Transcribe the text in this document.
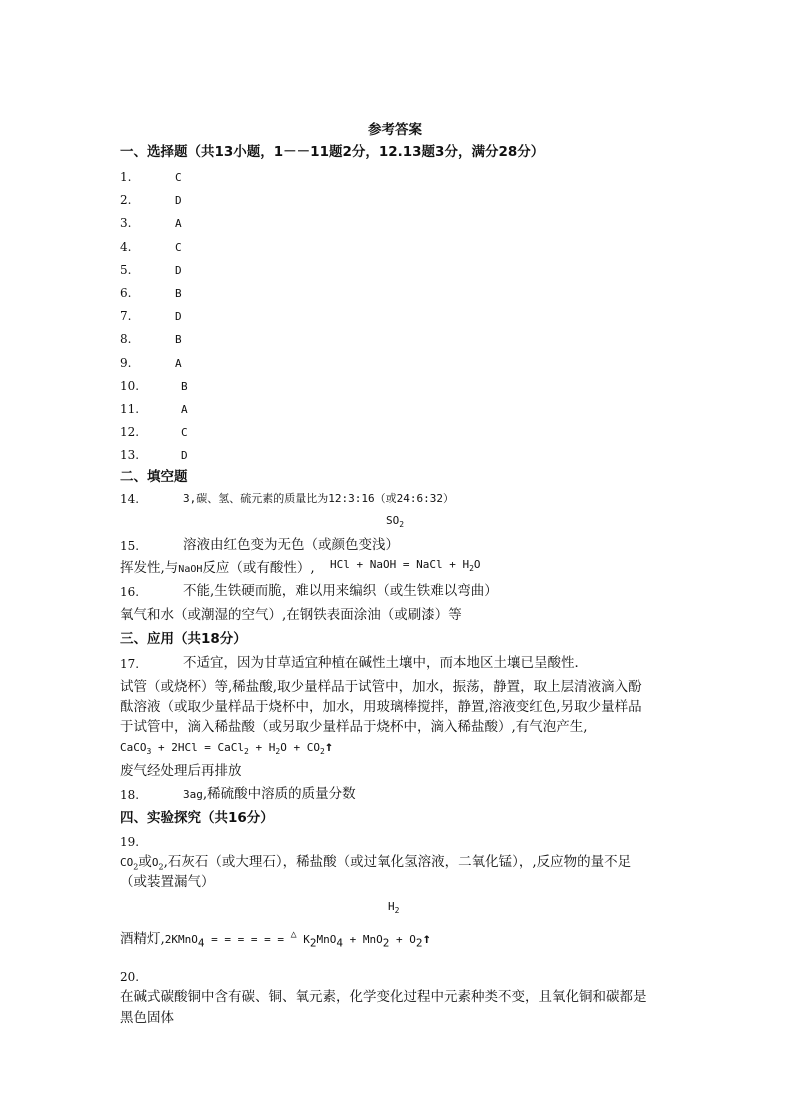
参考答案
一、选择题（共13小题，1－－11题2分，12.13题3分，满分28分）
1.	C
2.	D
3.	A
4.	C
5.	D
6.	B
7.	D
8.	B
9.	A
10.	B
11.	A
12.	C
13.	D
二、填空题
14.	3,碳、氢、硫元素的质量比为12:3:16（或24:6:32）
$SO_2$
15.	溶液由红色变为无色（或颜色变浅）
挥发性,与NaOH反应（或有酸性）, HCl + NaOH = NaCl + $H_2O$
16.	不能,生铁硬而脆，难以用来编织（或生铁难以弯曲）
氧气和水（或潮湿的空气）,在钢铁表面涂油（或刷漆）等
三、应用（共18分）
17.	不适宜，因为甘草适宜种植在碱性土壤中，而本地区土壤已呈酸性．
试管（或烧杯）等,稀盐酸,取少量样品于试管中，加水，振荡，静置，取上层清液滴入酚
酞溶液（或取少量样品于烧杯中，加水，用玻璃棒搅拌，静置,溶液变红色,另取少量样品
于试管中，滴入稀盐酸（或另取少量样品于烧杯中，滴入稀盐酸）,有气泡产生,
CaCO$_3$ + 2HCl = CaCl$_2$ + $H_2O$ + $CO_2↑$
废气经处理后再排放
18.	3ag,稀硫酸中溶质的质量分数
四、实验探究（共16分）
19.
$CO_2$或$O_2$,石灰石（或大理石），稀盐酸（或过氧化氢溶液，二氧化锰），,反应物的量不足
（或装置漏气）
$H_2$
酒精灯,2KMnO$_4$ = = = = = = △ $K_2MnO_4 + MnO_2$ + $O_2↑$
20.
在碱式碳酸铜中含有碳、铜、氧元素，化学变化过程中元素种类不变，且氧化铜和碳都是
黑色固体
